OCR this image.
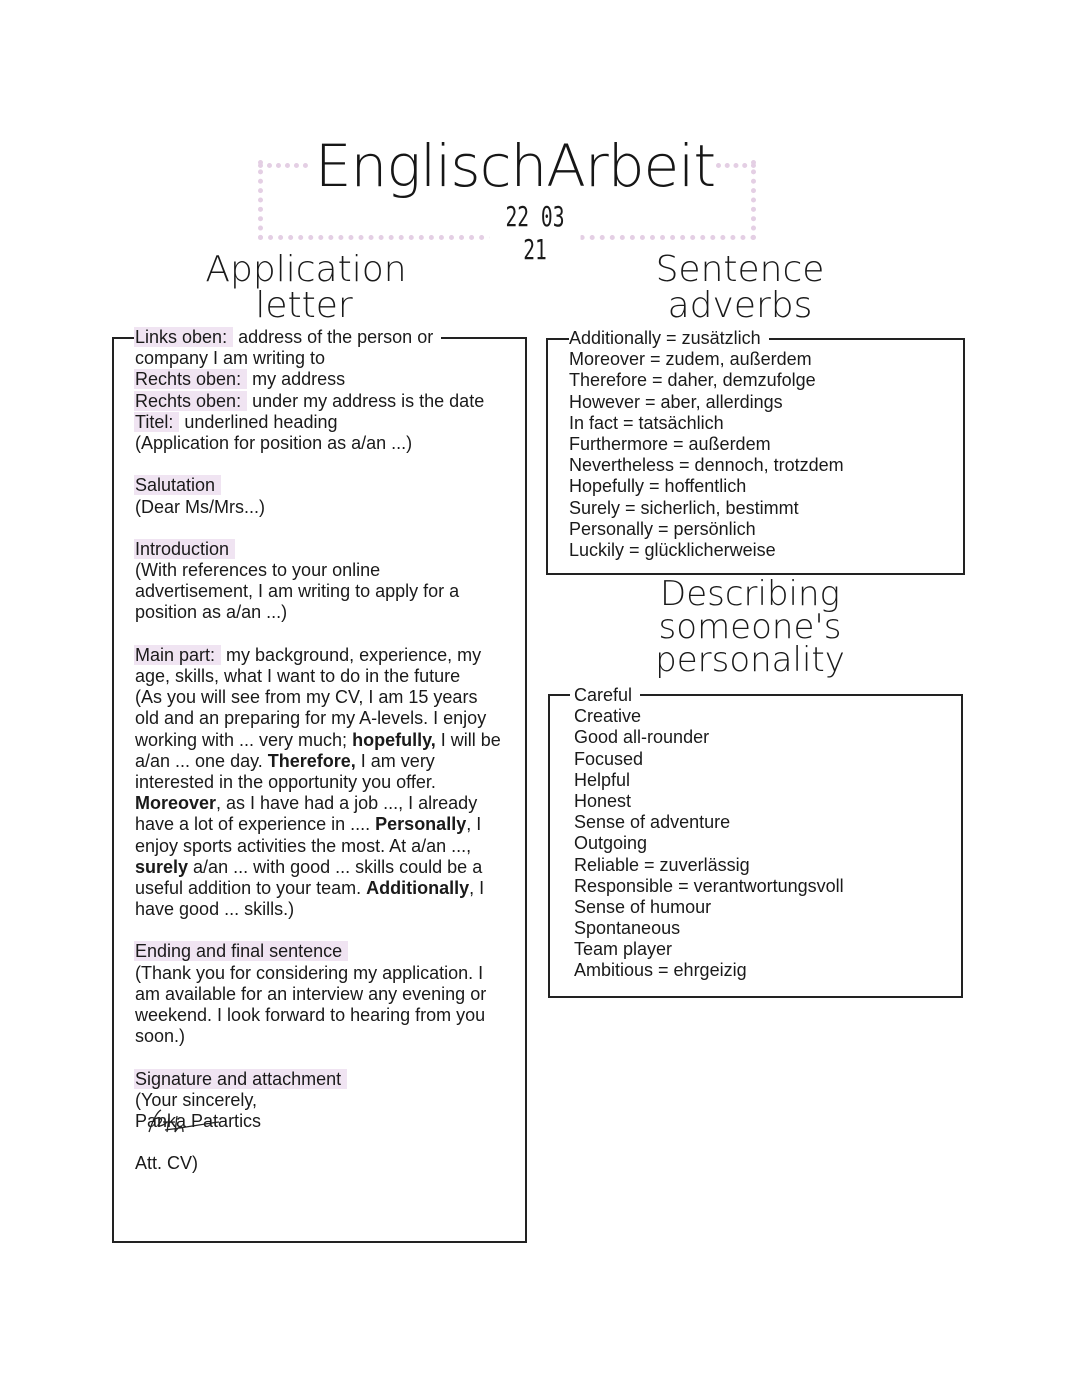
EnglischArbeit
22 03 21
Application
letter
Sentence
adverbs
Describing
someone's
personality
Links oben: address of the person or
company I am writing to
Rechts oben: my address
Rechts oben: under my address is the date
Titel: underlined heading
(Application for position as a/an ...)
Salutation
(Dear Ms/Mrs...)
Introduction
(With references to your online
advertisement, I am writing to apply for a
position as a/an ...)
Main part: my background, experience, my
age, skills, what I want to do in the future
(As you will see from my CV, I am 15 years
old and an preparing for my A-levels. I enjoy
working with ... very much; hopefully, I will be
a/an ... one day. Therefore, I am very
interested in the opportunity you offer.
Moreover, as I have had a job ..., I already
have a lot of experience in .... Personally, I
enjoy sports activities the most. At a/an ...,
surely a/an ... with good ... skills could be a
useful addition to your team. Additionally, I
have good ... skills.)
Ending and final sentence
(Thank you for considering my application. I
am available for an interview any evening or
weekend. I look forward to hearing from you
soon.)
Signature and attachment
(Your sincerely,
Panka Patartics
Att. CV)
Additionally = zusätzlich
Moreover = zudem, außerdem
Therefore = daher, demzufolge
However = aber, allerdings
In fact = tatsächlich
Furthermore = außerdem
Nevertheless = dennoch, trotzdem
Hopefully = hoffentlich
Surely = sicherlich, bestimmt
Personally = persönlich
Luckily = glücklicherweise
Careful
Creative
Good all-rounder
Focused
Helpful
Honest
Sense of adventure
Outgoing
Reliable = zuverlässig
Responsible = verantwortungsvoll
Sense of humour
Spontaneous
Team player
Ambitious = ehrgeizig
